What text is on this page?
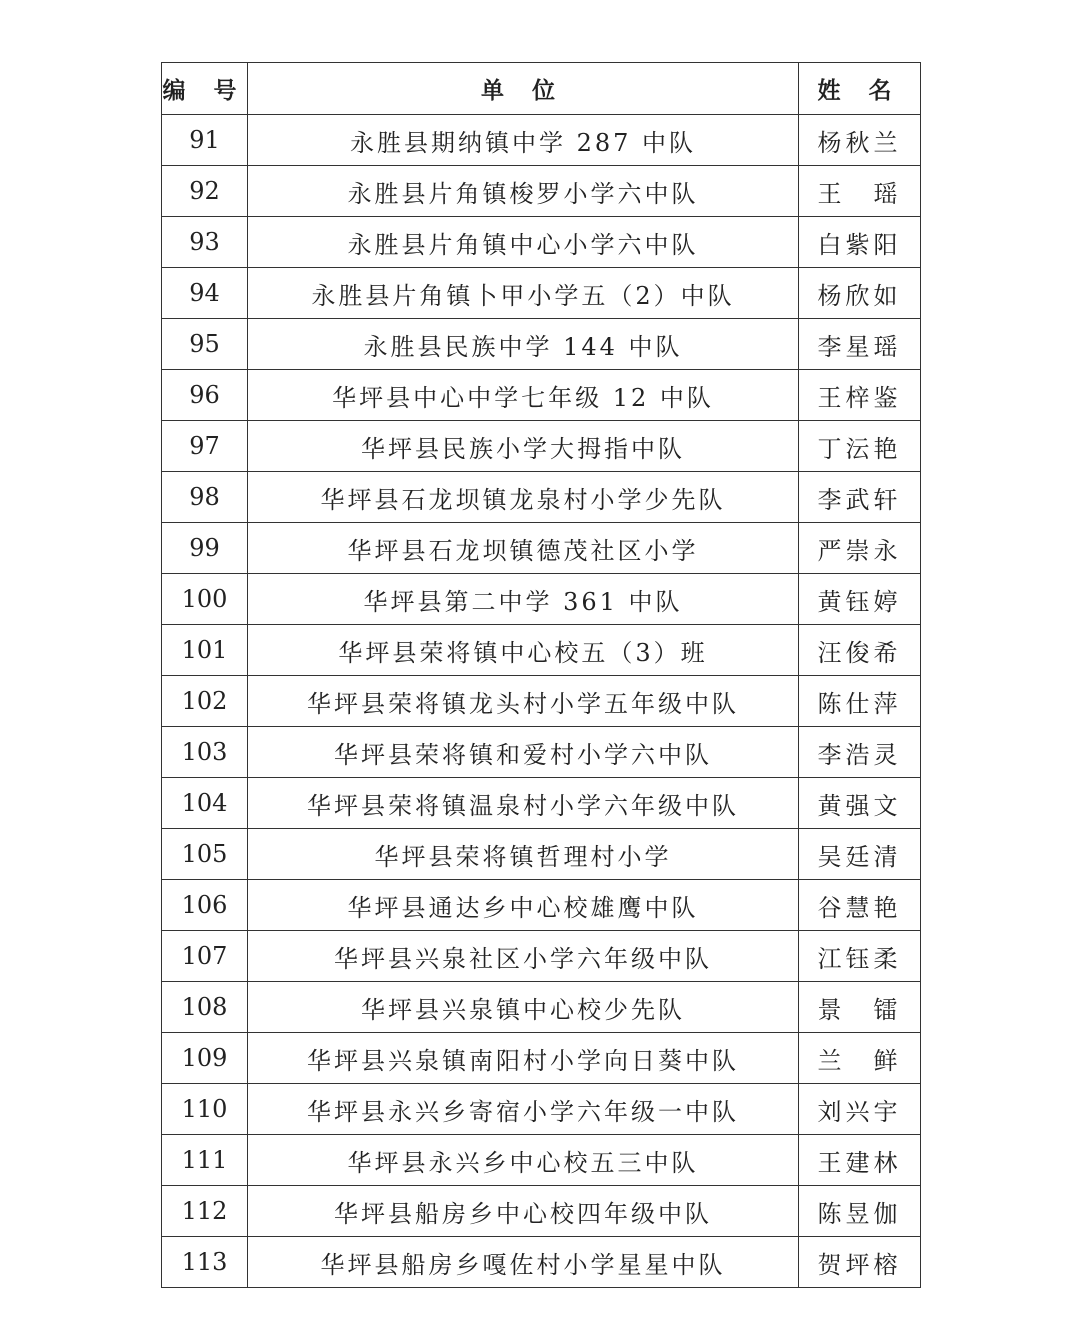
编 号	单 位	姓 名
91	永胜县期纳镇中学 287 中队	杨秋兰
92	永胜县片角镇梭罗小学六中队	王　瑶
93	永胜县片角镇中心小学六中队	白紫阳
94	永胜县片角镇卜甲小学五（2）中队	杨欣如
95	永胜县民族中学 144 中队	李星瑶
96	华坪县中心中学七年级 12 中队	王梓鉴
97	华坪县民族小学大拇指中队	丁沄艳
98	华坪县石龙坝镇龙泉村小学少先队	李武轩
99	华坪县石龙坝镇德茂社区小学	严崇永
100	华坪县第二中学 361 中队	黄钰婷
101	华坪县荣将镇中心校五（3）班	汪俊希
102	华坪县荣将镇龙头村小学五年级中队	陈仕萍
103	华坪县荣将镇和爱村小学六中队	李浩灵
104	华坪县荣将镇温泉村小学六年级中队	黄强文
105	华坪县荣将镇哲理村小学	吴廷清
106	华坪县通达乡中心校雄鹰中队	谷慧艳
107	华坪县兴泉社区小学六年级中队	江钰柔
108	华坪县兴泉镇中心校少先队	景　镭
109	华坪县兴泉镇南阳村小学向日葵中队	兰　鲜
110	华坪县永兴乡寄宿小学六年级一中队	刘兴宇
111	华坪县永兴乡中心校五三中队	王建林
112	华坪县船房乡中心校四年级中队	陈昱伽
113	华坪县船房乡嘎佐村小学星星中队	贺坪榕
